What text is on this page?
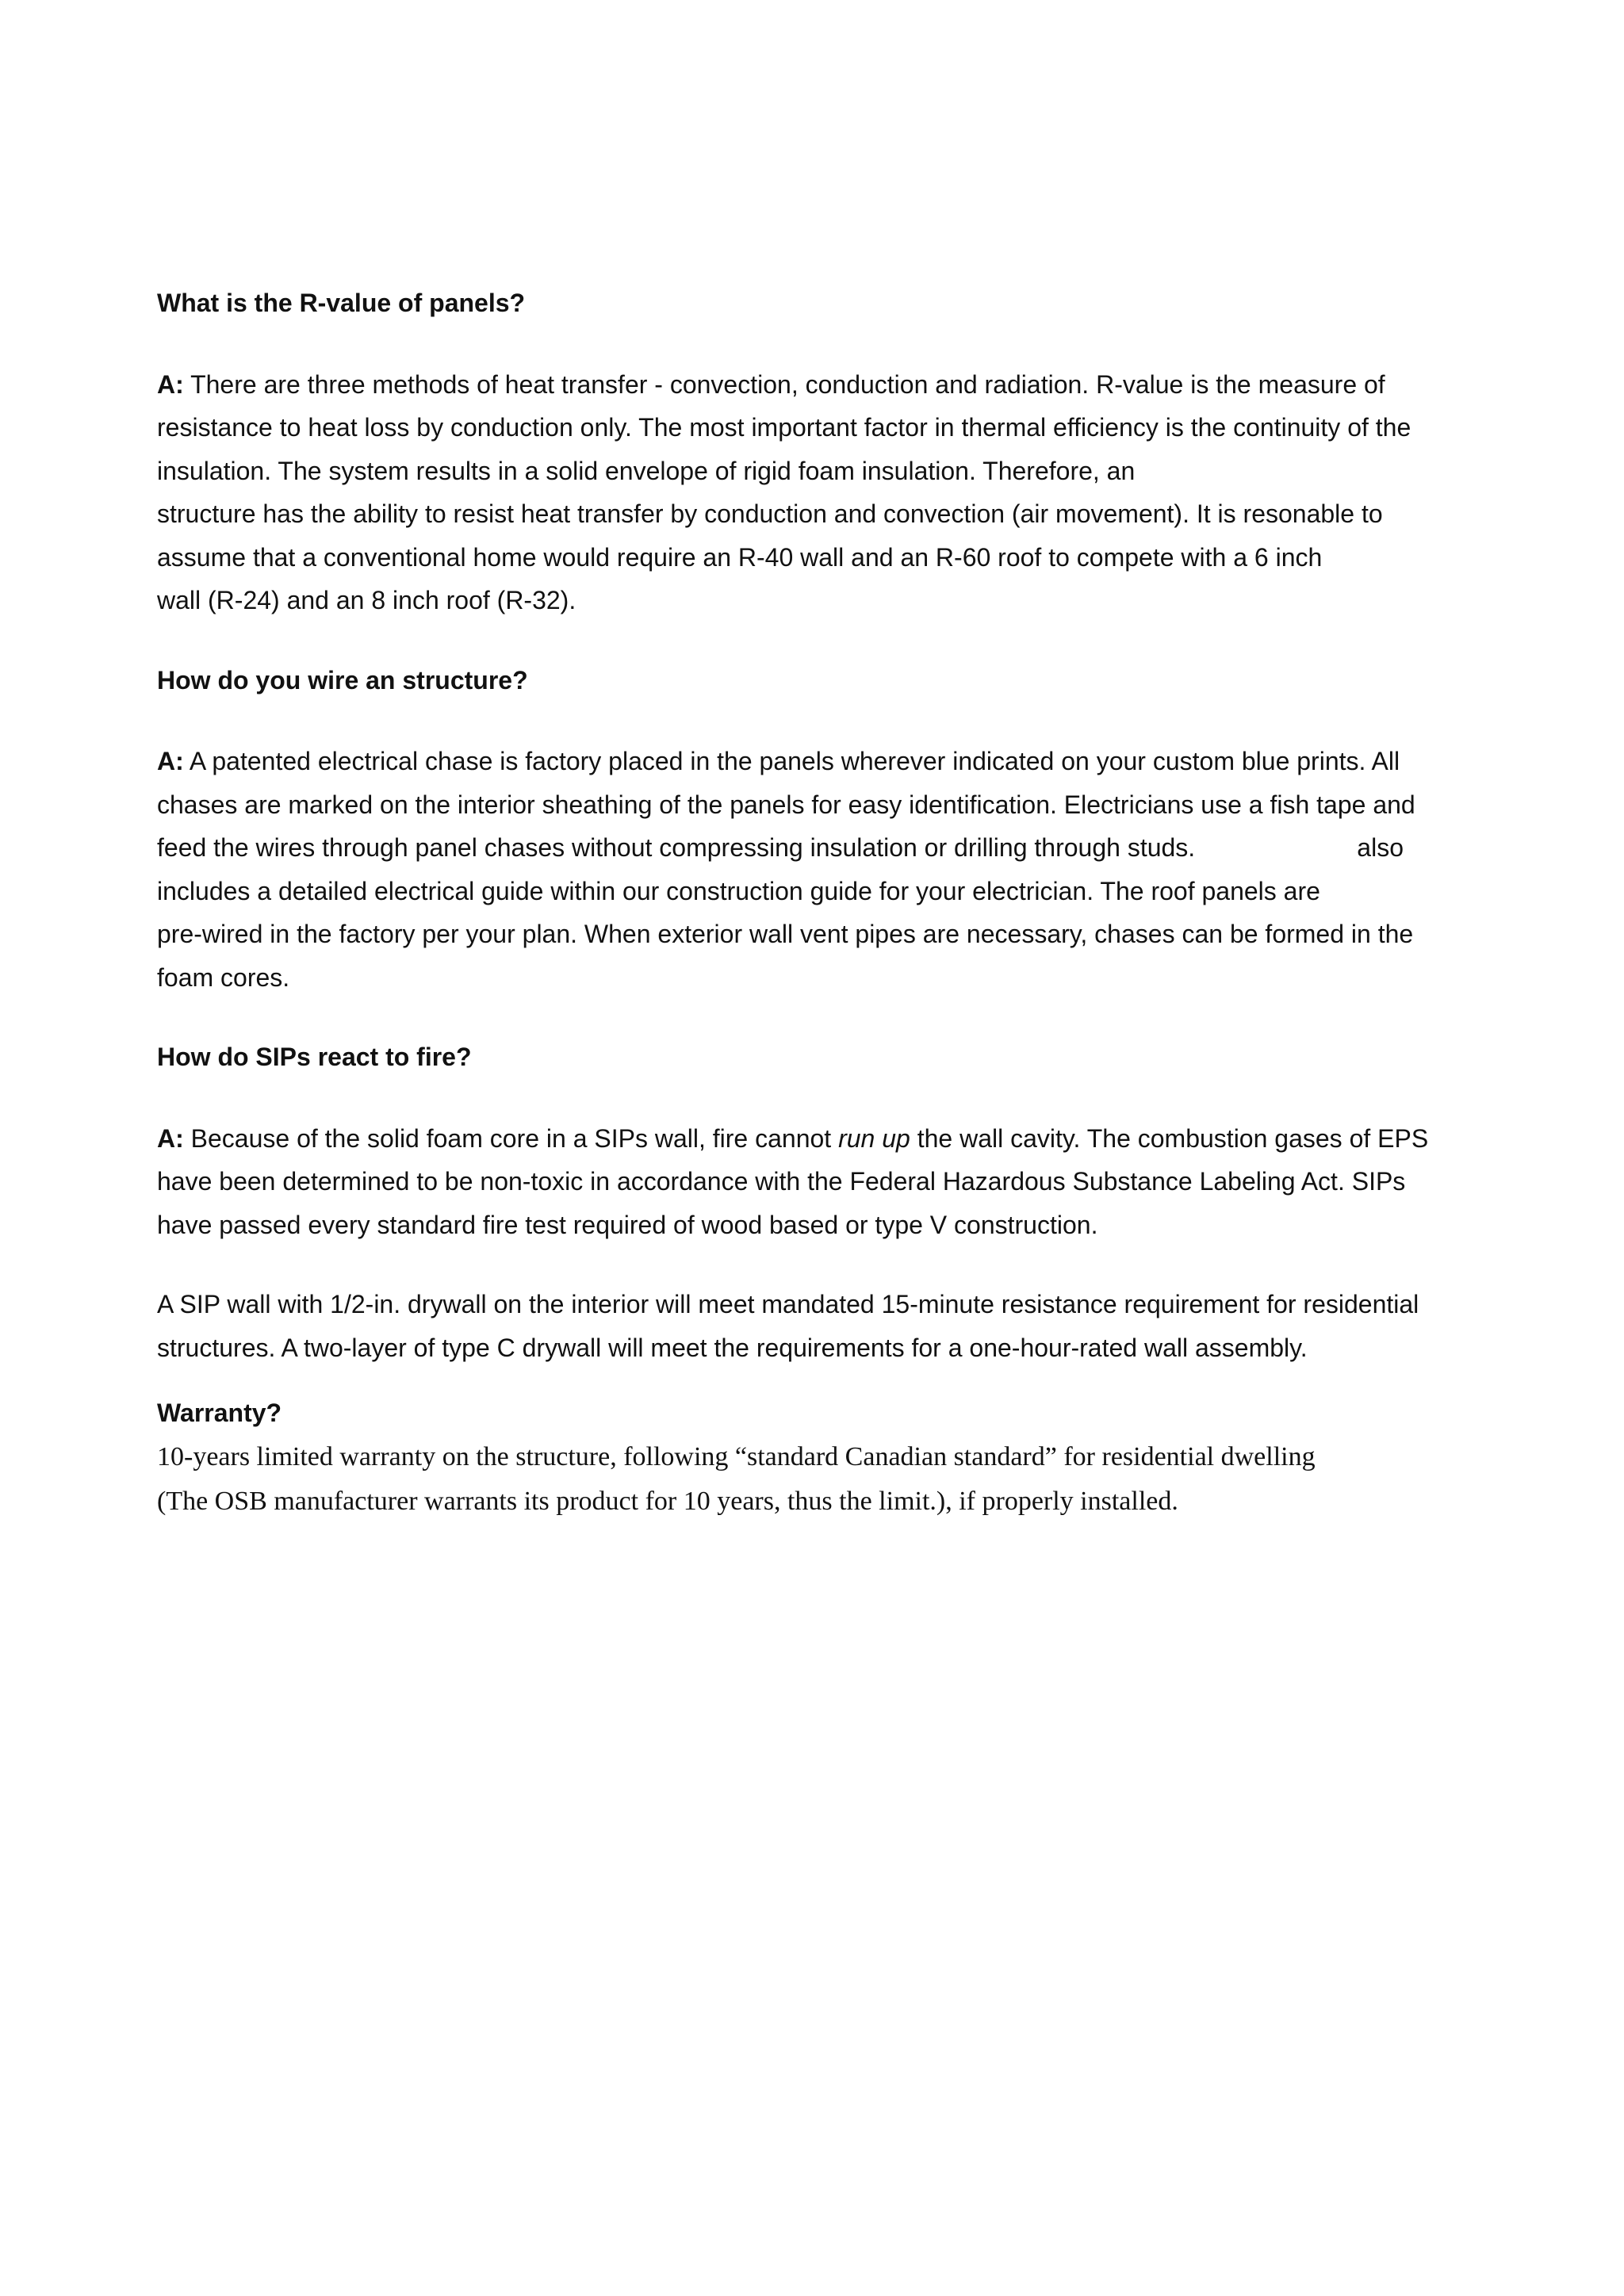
What is the R-value of panels?
A: There are three methods of heat transfer - convection, conduction and radiation. R-value is the measure of
resistance to heat loss by conduction only. The most important factor in thermal efficiency is the continuity of the
insulation. The system results in a solid envelope of rigid foam insulation. Therefore, an
structure has the ability to resist heat transfer by conduction and convection (air movement). It is resonable to
assume that a conventional home would require an R-40 wall and an R-60 roof to compete with a 6 inch
wall (R-24) and an 8 inch roof (R-32).
How do you wire an structure?
A: A patented electrical chase is factory placed in the panels wherever indicated on your custom blue prints. All
chases are marked on the interior sheathing of the panels for easy identification. Electricians use a fish tape and
feed the wires through panel chases without compressing insulation or drilling through studs.	also
includes a detailed electrical guide within our construction guide for your electrician. The roof panels are
pre-wired in the factory per your plan. When exterior wall vent pipes are necessary, chases can be formed in the
foam cores.
How do SIPs react to fire?
A: Because of the solid foam core in a SIPs wall, fire cannot run up the wall cavity. The combustion gases of EPS
have been determined to be non-toxic in accordance with the Federal Hazardous Substance Labeling Act. SIPs
have passed every standard fire test required of wood based or type V construction.
A SIP wall with 1/2-in. drywall on the interior will meet mandated 15-minute resistance requirement for residential
structures. A two-layer of type C drywall will meet the requirements for a one-hour-rated wall assembly.
Warranty?
10-years limited warranty on the structure, following “standard Canadian standard” for residential dwelling
(The OSB manufacturer warrants its product for 10 years, thus the limit.), if properly installed.
